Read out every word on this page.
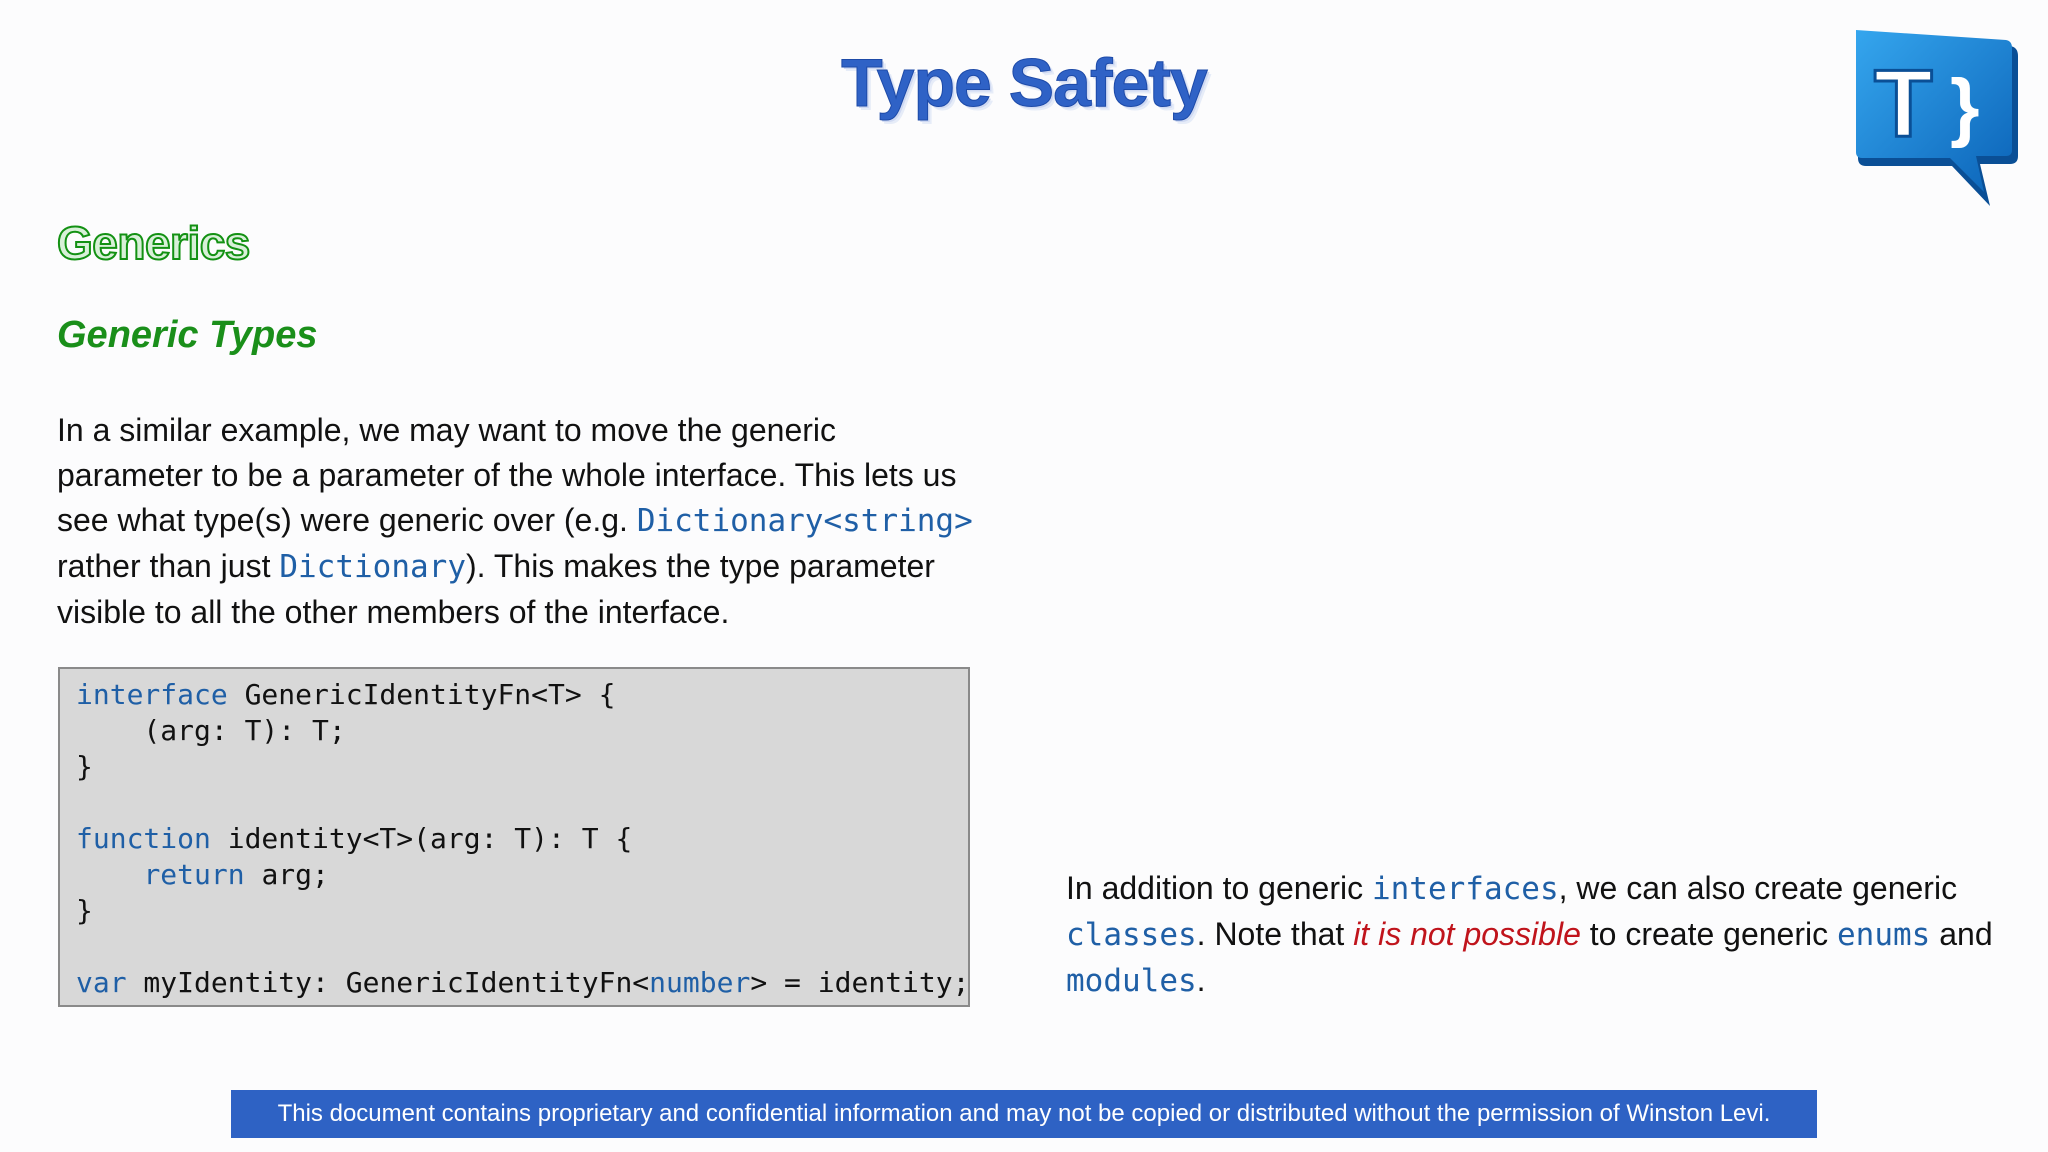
Type Safety	T }
Generics
Generic Types
In a similar example, we may want to move the generic parameter to be a parameter of the whole interface. This lets us see what type(s) were generic over (e.g. Dictionary<string> rather than just Dictionary). This makes the type parameter visible to all the other members of the interface.
interface GenericIdentityFn<T> {
(arg: T): T;
}
function identity<T>(arg: T): T {
return arg;
}
var myIdentity: GenericIdentityFn<number> = identity;
In addition to generic interfaces, we can also create generic classes. Note that it is not possible to create generic enums and modules.
This document contains proprietary and confidential information and may not be copied or distributed without the permission of Winston Levi.
